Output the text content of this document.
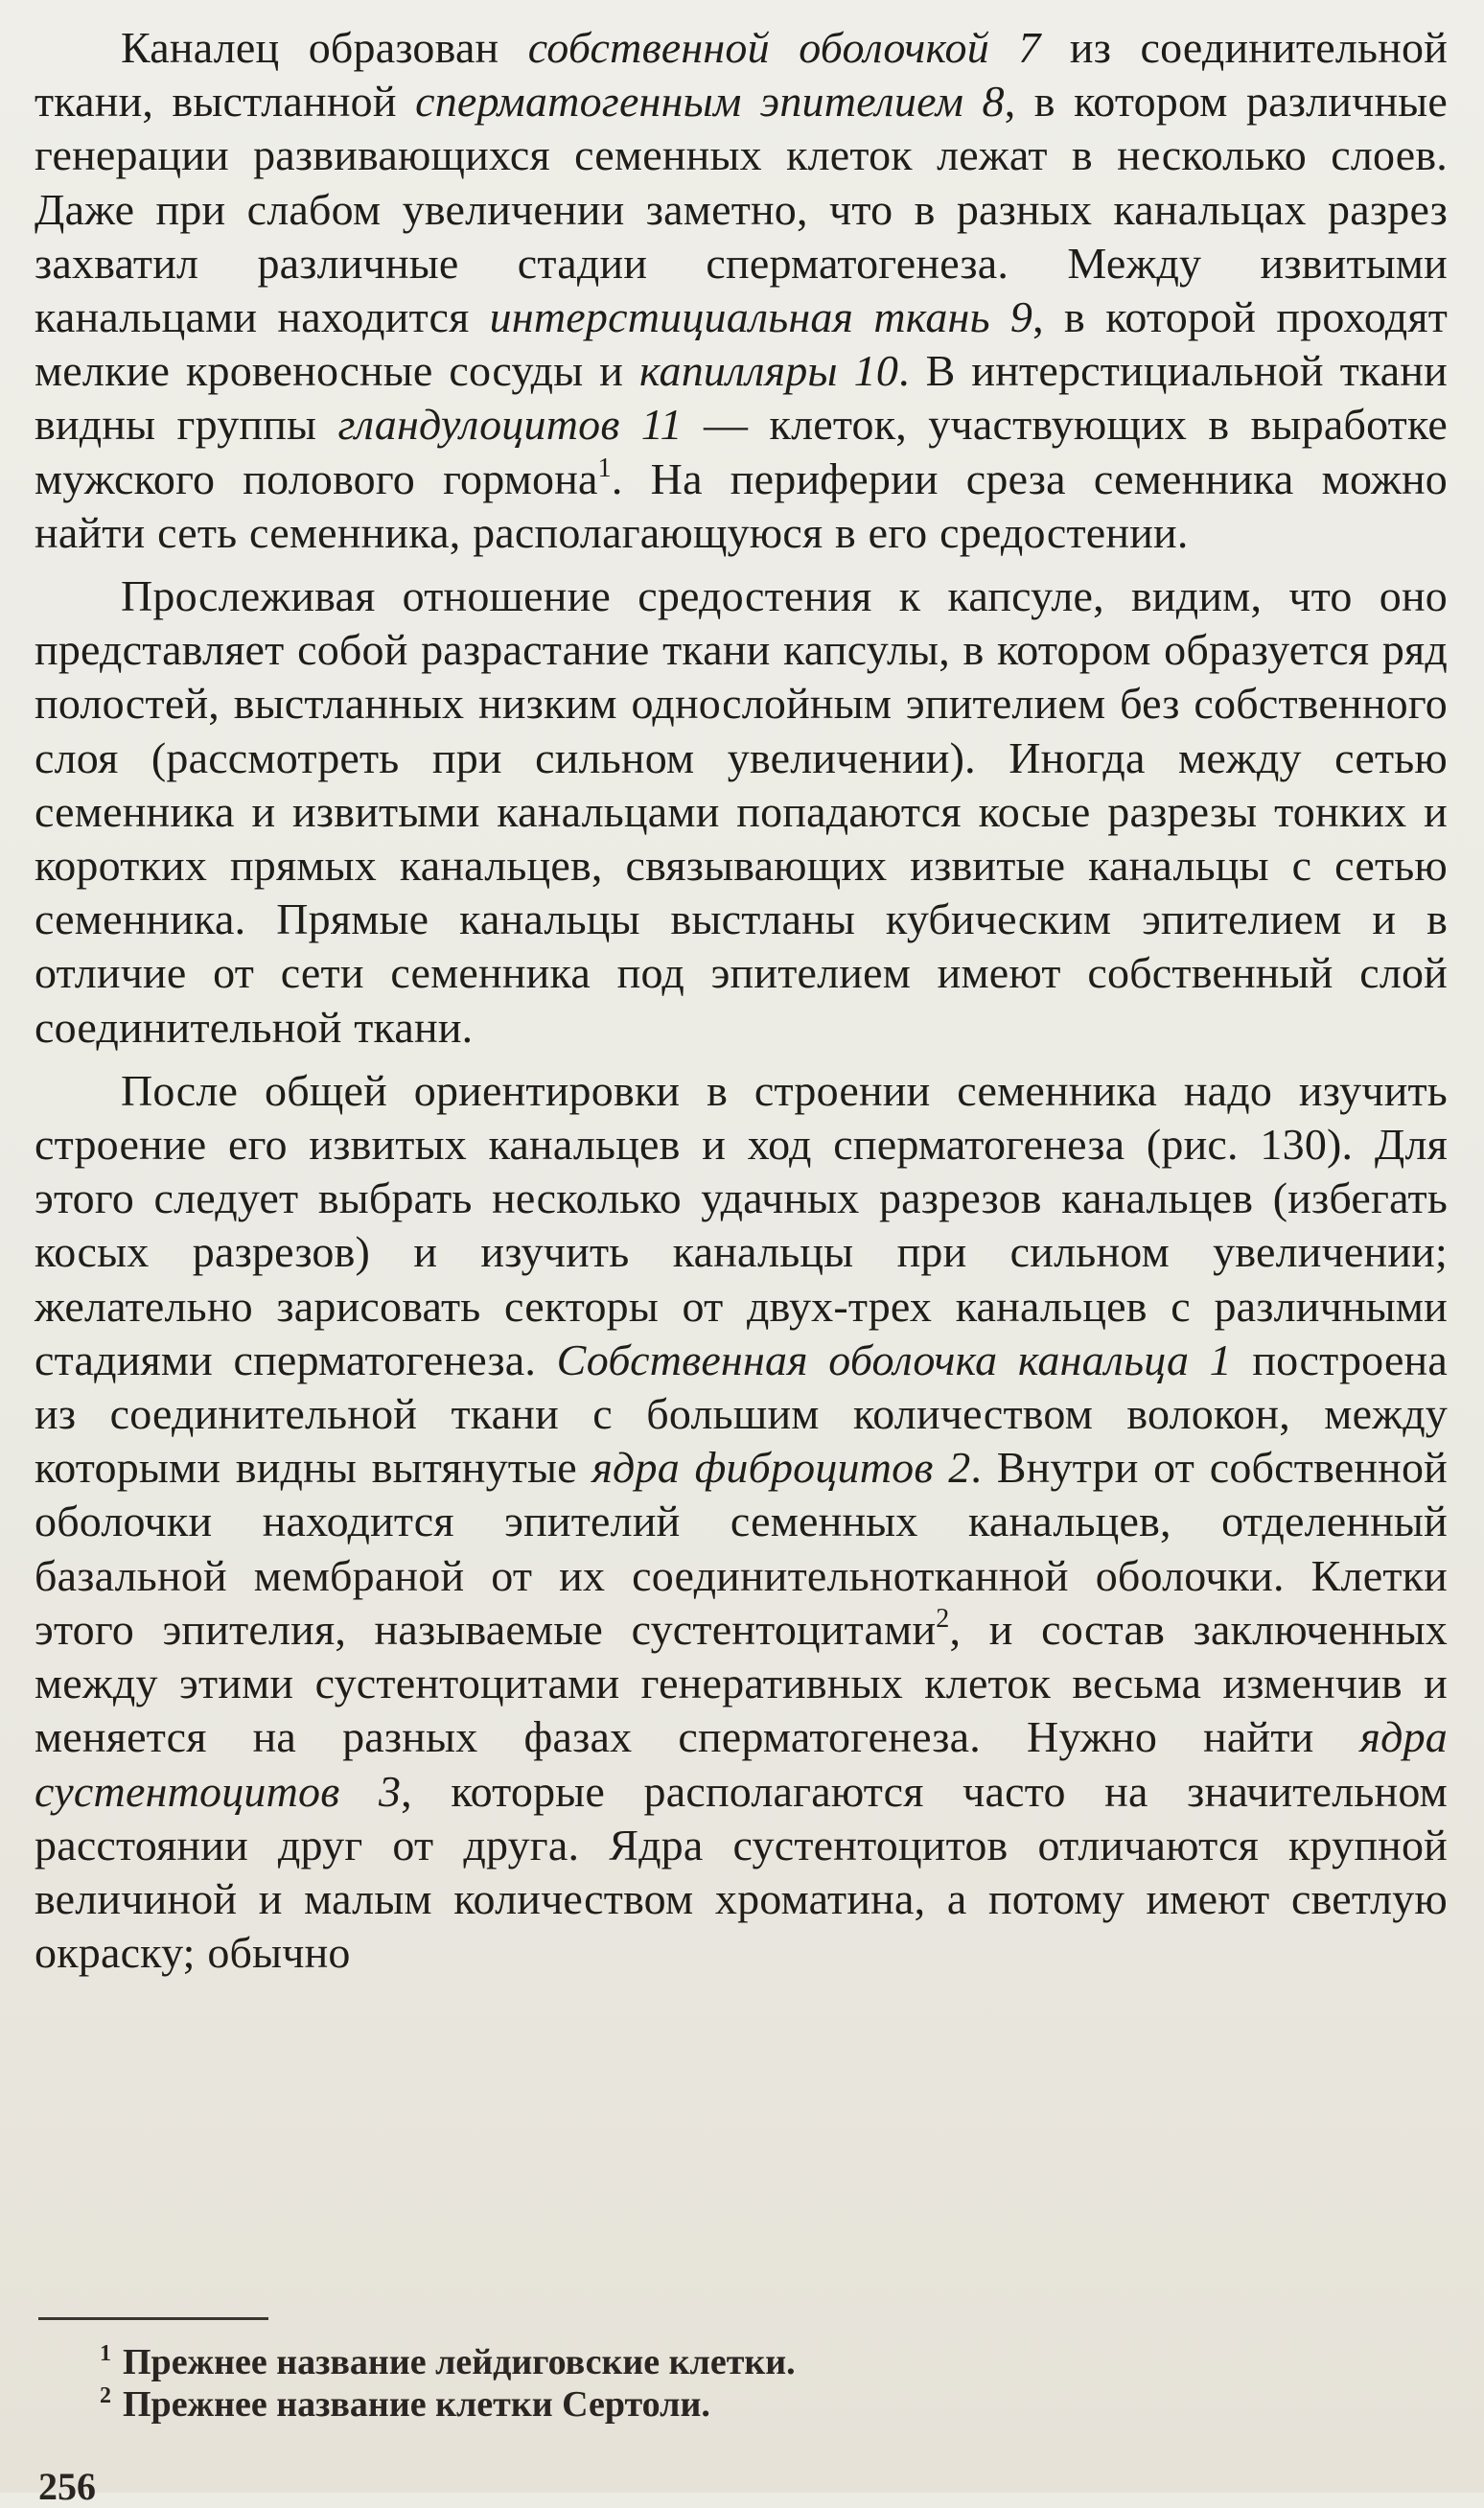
Каналец образован собственной оболочкой 7 из соединительной ткани, выстланной сперматогенным эпителием 8, в котором различные генерации развивающихся семенных клеток лежат в несколько слоев. Даже при слабом увеличении заметно, что в разных канальцах разрез захватил различные стадии сперматогенеза. Между извитыми канальцами находится интерстициальная ткань 9, в которой проходят мелкие кровеносные сосуды и капилляры 10. В интерстициальной ткани видны группы гландулоцитов 11 — клеток, участвующих в выработке мужского полового гормона$^1$. На периферии среза семенника можно найти сеть семенника, располагающуюся в его средостении.

Прослеживая отношение средостения к капсуле, видим, что оно представляет собой разрастание ткани капсулы, в котором образуется ряд полостей, выстланных низким однослойным эпителием без собственного слоя (рассмотреть при сильном увеличении). Иногда между сетью семенника и извитыми канальцами попадаются косые разрезы тонких и коротких прямых канальцев, связывающих извитые канальцы с сетью семенника. Прямые канальцы выстланы кубическим эпителием и в отличие от сети семенника под эпителием имеют собственный слой соединительной ткани.

После общей ориентировки в строении семенника надо изучить строение его извитых канальцев и ход сперматогенеза (рис. 130). Для этого следует выбрать несколько удачных разрезов канальцев (избегать косых разрезов) и изучить канальцы при сильном увеличении; желательно зарисовать секторы от двух-трех канальцев с различными стадиями сперматогенеза. Собственная оболочка канальца 1 построена из соединительной ткани с большим количеством волокон, между которыми видны вытянутые ядра фиброцитов 2. Внутри от собственной оболочки находится эпителий семенных канальцев, отделенный базальной мембраной от их соединительнотканной оболочки. Клетки этого эпителия, называемые сустентоцитами$^2$, и состав заключенных между этими сустентоцитами генеративных клеток весьма изменчив и меняется на разных фазах сперматогенеза. Нужно найти ядра сустентоцитов 3, которые располагаются часто на значительном расстоянии друг от друга. Ядра сустентоцитов отличаются крупной величиной и малым количеством хроматина, а потому имеют светлую окраску; обычно

$^1$ Прежнее название лейдиговские клетки.

$^2$ Прежнее название клетки Сертоли.

256
